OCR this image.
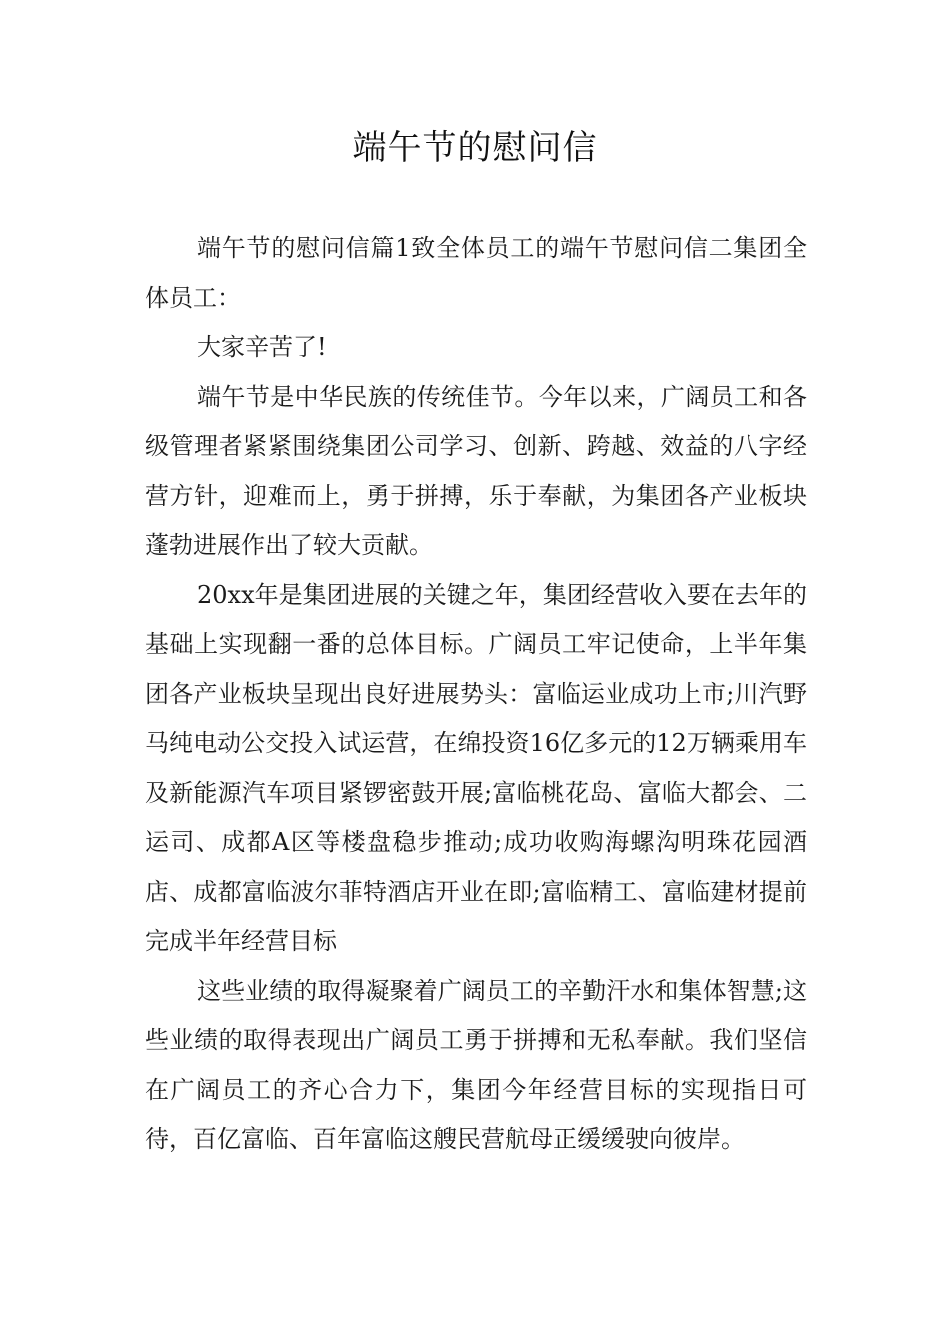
端午节的慰问信

端午节的慰问信篇1致全体员工的端午节慰问信二集团全体员工：

大家辛苦了!

端午节是中华民族的传统佳节。今年以来，广阔员工和各级管理者紧紧围绕集团公司学习、创新、跨越、效益的八字经营方针，迎难而上，勇于拼搏，乐于奉献，为集团各产业板块蓬勃进展作出了较大贡献。

20xx年是集团进展的关键之年，集团经营收入要在去年的基础上实现翻一番的总体目标。广阔员工牢记使命，上半年集团各产业板块呈现出良好进展势头：富临运业成功上市;川汽野马纯电动公交投入试运营，在绵投资16亿多元的12万辆乘用车及新能源汽车项目紧锣密鼓开展;富临桃花岛、富临大都会、二运司、成都A区等楼盘稳步推动;成功收购海螺沟明珠花园酒店、成都富临波尔菲特酒店开业在即;富临精工、富临建材提前完成半年经营目标

这些业绩的取得凝聚着广阔员工的辛勤汗水和集体智慧;这些业绩的取得表现出广阔员工勇于拼搏和无私奉献。我们坚信在广阔员工的齐心合力下，集团今年经营目标的实现指日可待，百亿富临、百年富临这艘民营航母正缓缓驶向彼岸。
